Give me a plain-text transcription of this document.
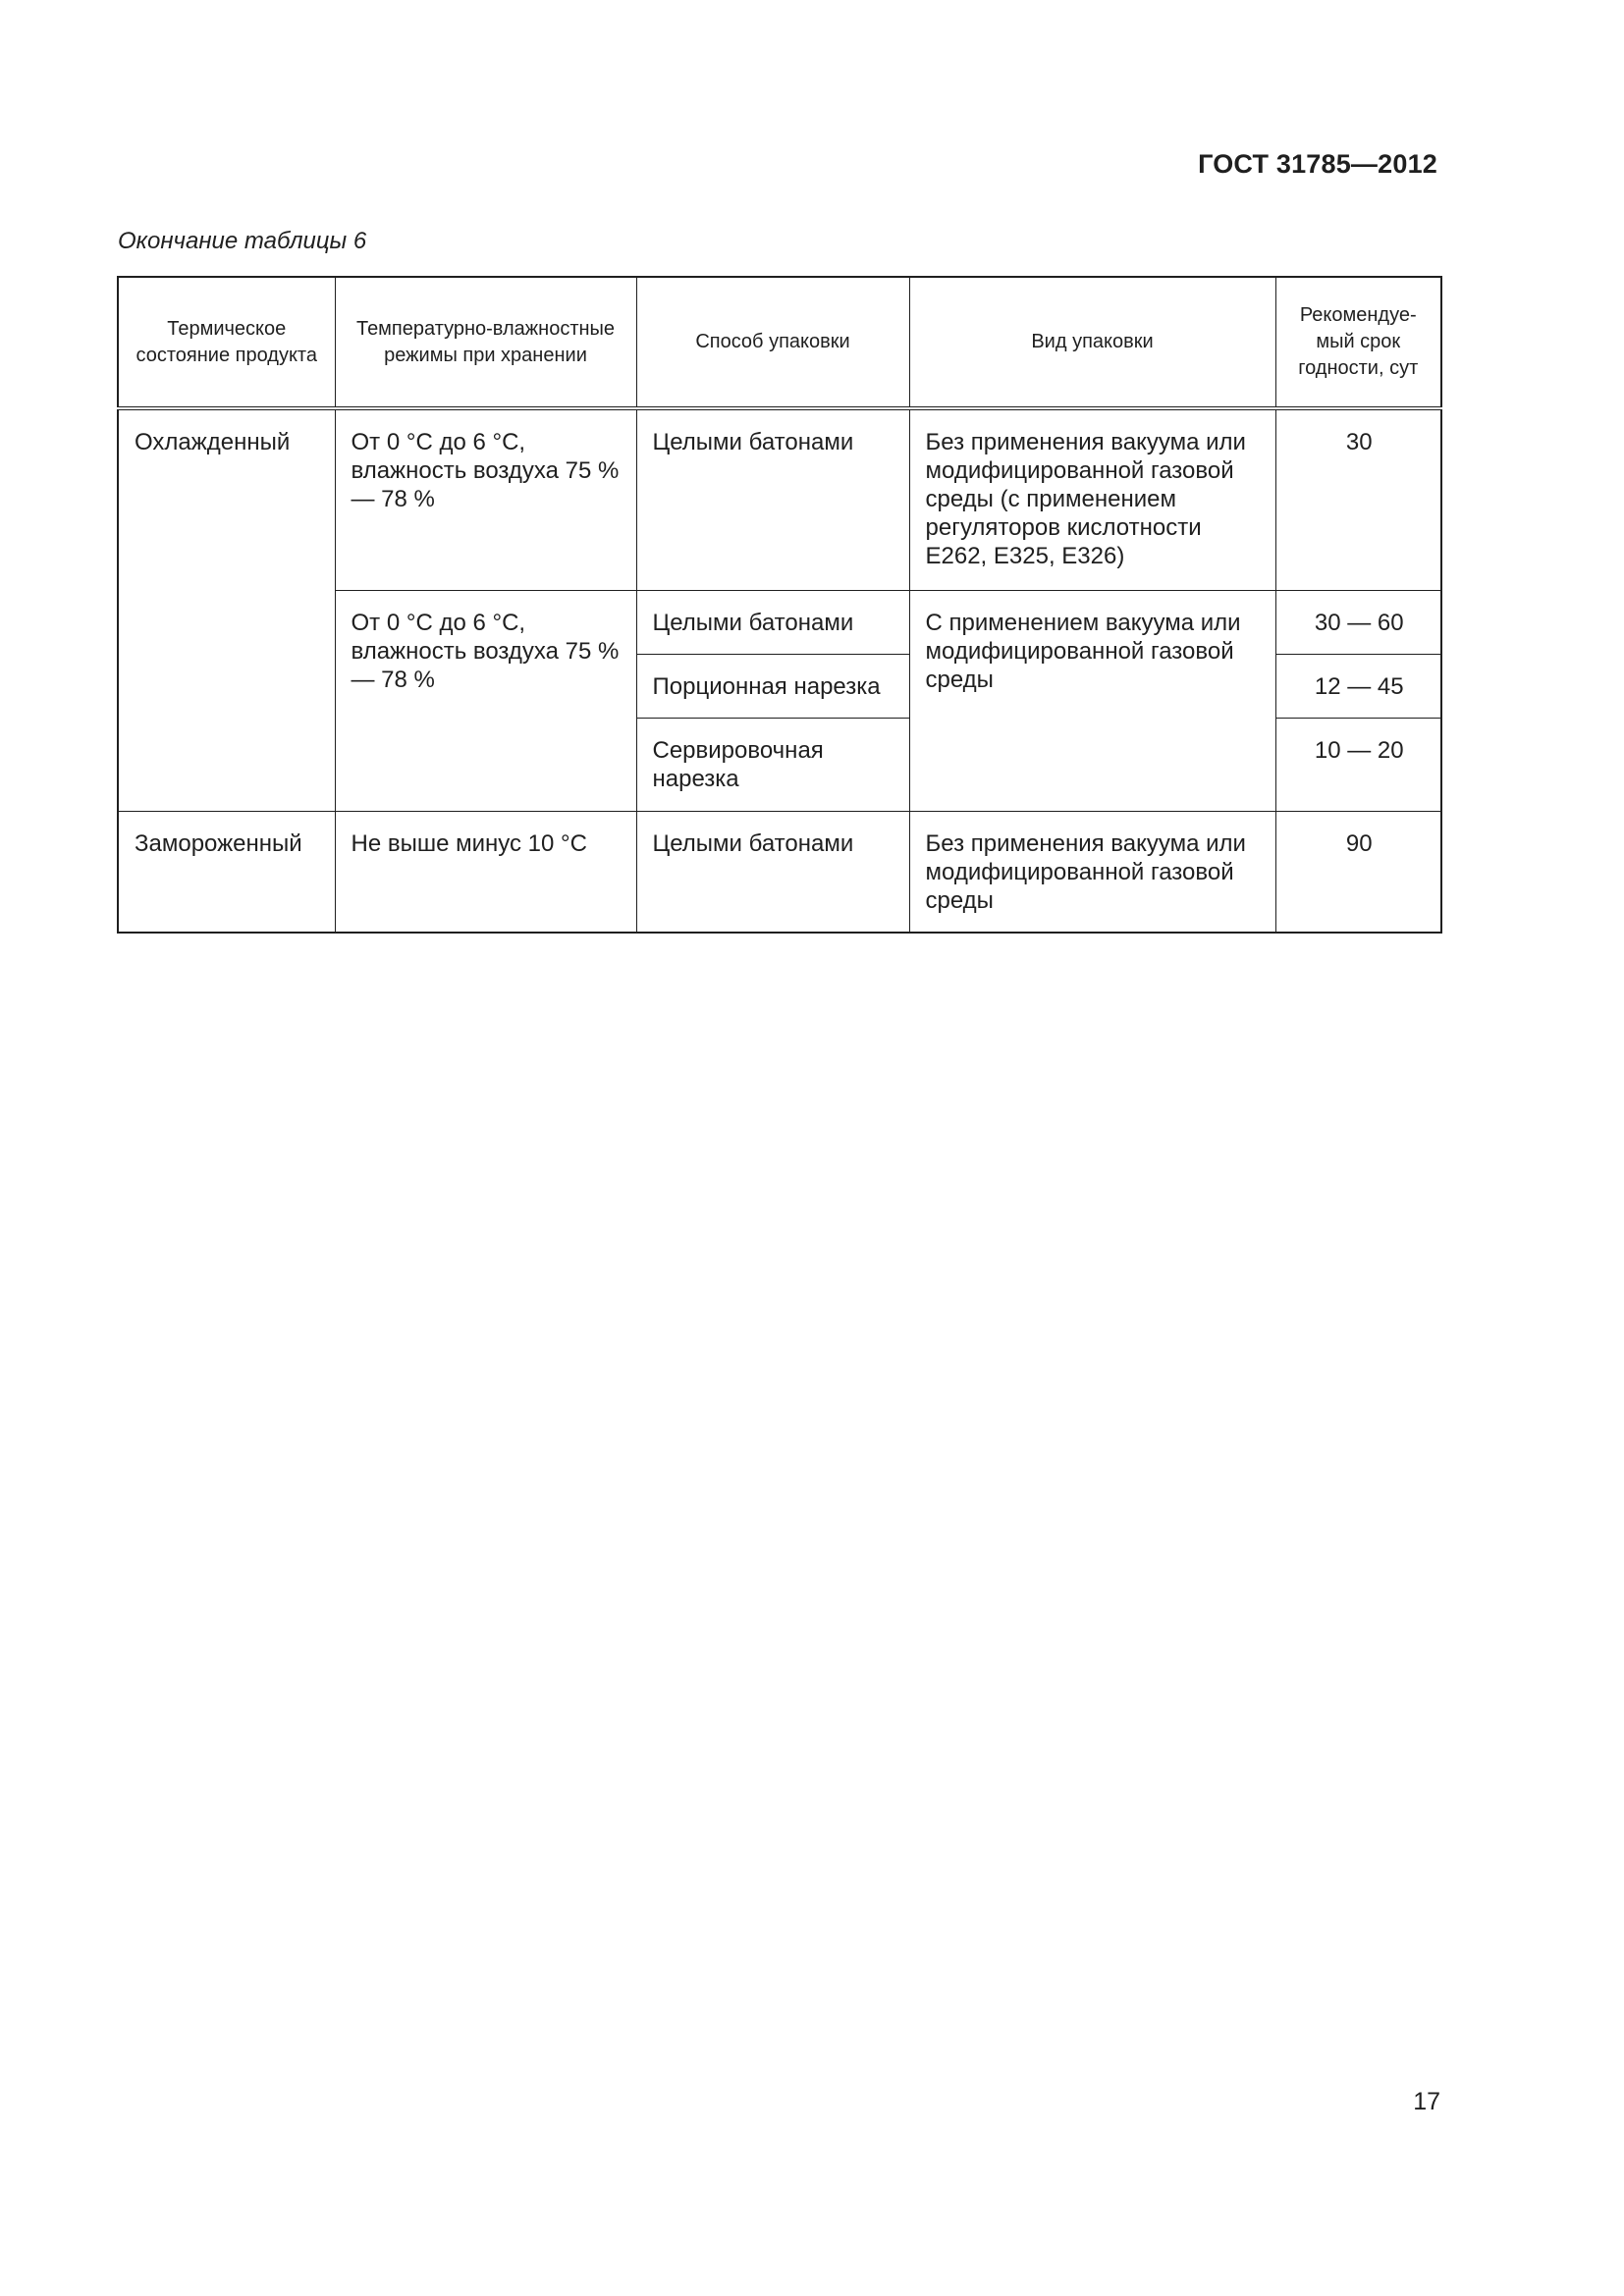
ГОСТ 31785—2012
Окончание таблицы 6
Термическое состояние продукта	Температурно-влажностные режимы при хранении	Способ упаковки	Вид упаковки	Рекомендуе-мый срок годности, сут
Охлажденный	От 0 °С до 6 °С, влажность воздуха 75 % — 78 %	Целыми батонами	Без применения вакуума или модифицированной газовой среды (с применением регуляторов кислотности Е262, Е325, Е326)	30
	От 0 °С до 6 °С, влажность воздуха 75 % — 78 %	Целыми батонами	С применением вакуума или модифицированной газовой среды	30 — 60
		Порционная нарезка		12 — 45
		Сервировочная нарезка		10 — 20
Замороженный	Не выше минус 10 °С	Целыми батонами	Без применения вакуума или модифицированной газовой среды	90
17
